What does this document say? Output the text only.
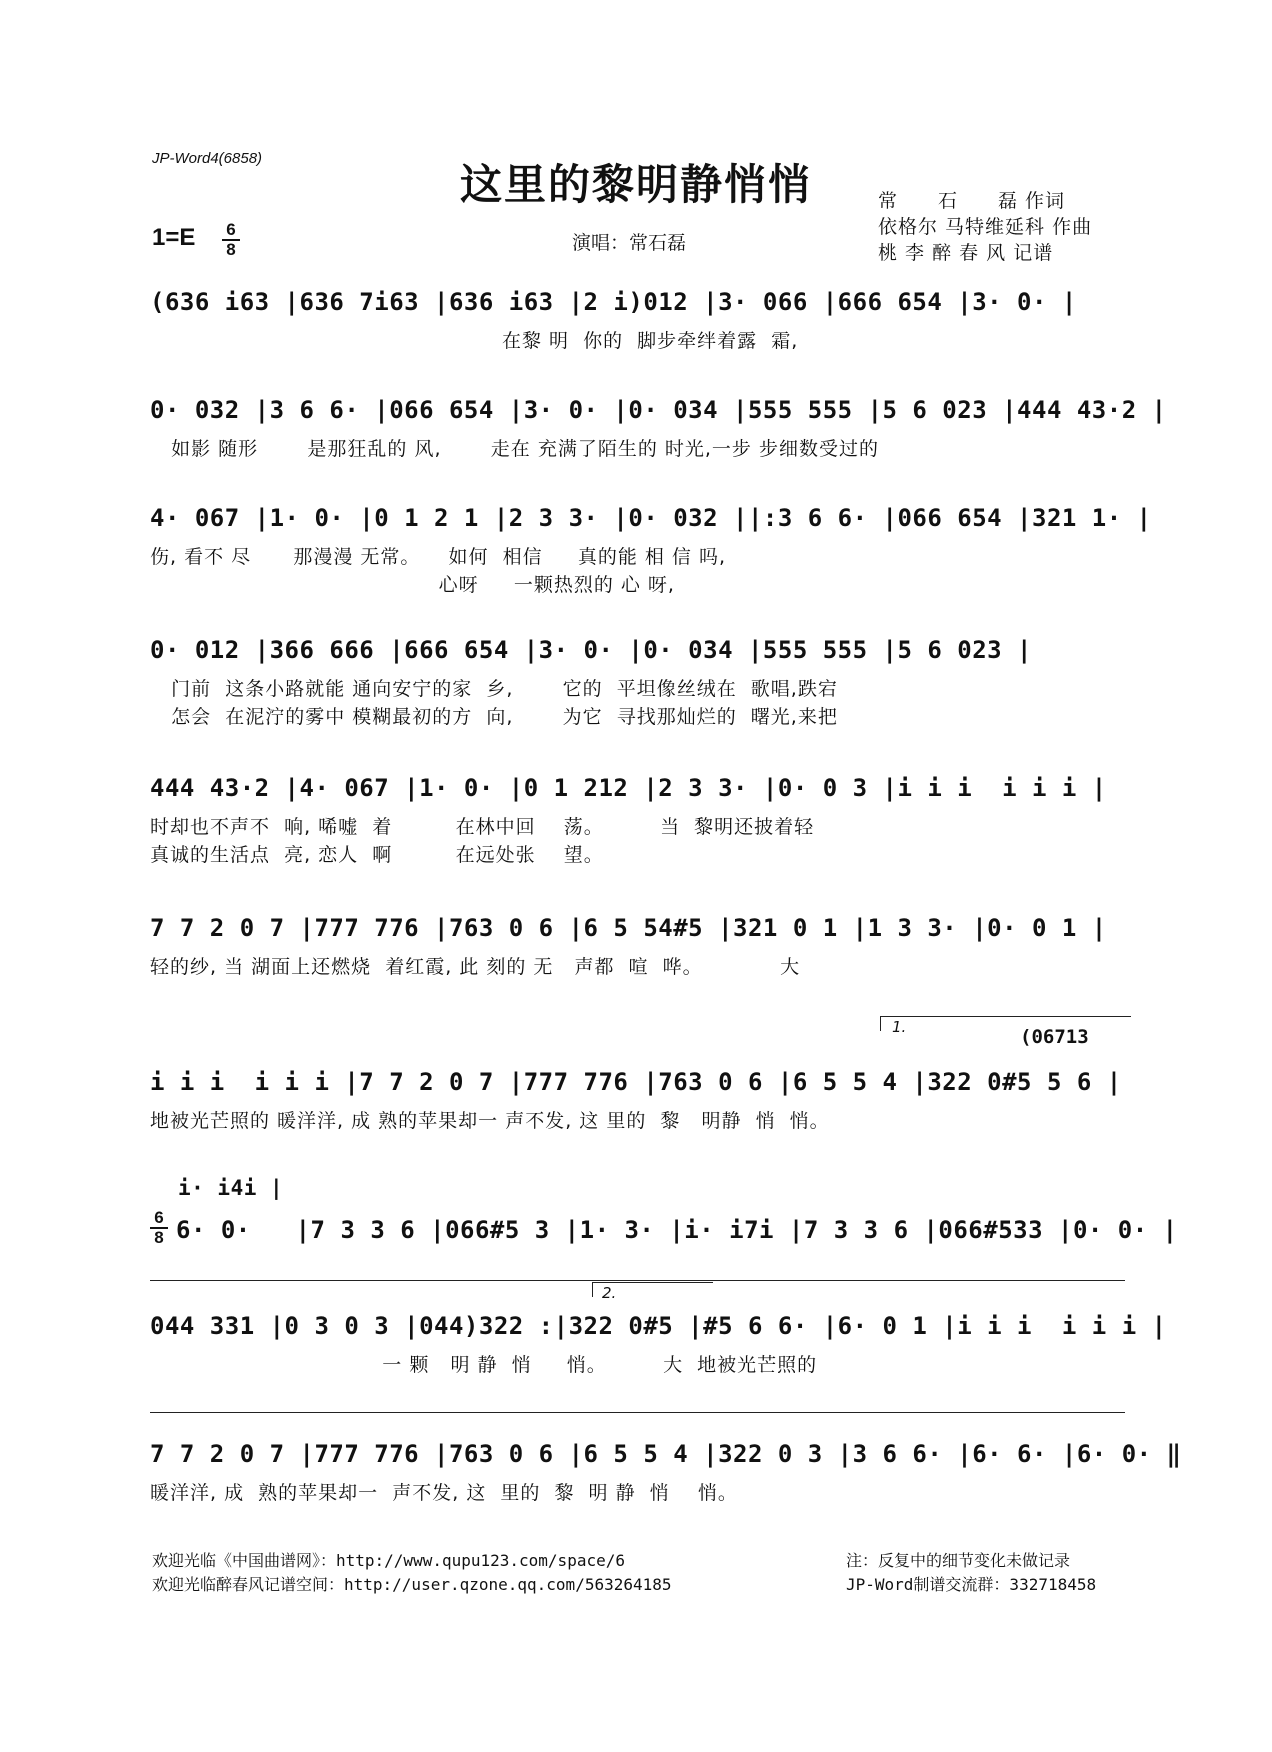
JP-Word4(6858)
这里的黎明静悄悄	常　　石　　磊 作词
依格尔 马特维延科 作曲
桃 李 醉 春 风 记谱
1=E 6
8	演唱：常石磊
(636 i63 |636 7i63 |636 i63 |2 i)012 |3· 066 |666 654 |3· 0· |
在黎 明  你的  脚步牵绊着露  霜,
0· 032 |3 6 6· |066 654 |3· 0· |0· 034 |555 555 |5 6 023 |444 43·2 |
如影 随形       是那狂乱的 风,       走在 充满了陌生的 时光,一步 步细数受过的
4· 067 |1· 0· |0 1 2 1 |2 3 3· |0· 032 ||:3 6 6· |066 654 |321 1· |
伤, 看不 尽      那漫漫 无常。    如何  相信     真的能 相 信 吗,
心呀     一颗热烈的 心 呀,
0· 012 |366 666 |666 654 |3· 0· |0· 034 |555 555 |5 6 023 |
门前  这条小路就能 通向安宁的家  乡,       它的  平坦像丝绒在  歌唱,跌宕
怎会  在泥泞的雾中 模糊最初的方  向,       为它  寻找那灿烂的  曙光,来把
444 43·2 |4· 067 |1· 0· |0 1 212 |2 3 3· |0· 0 3 |i i i  i i i |
时却也不声不  响, 唏嘘  着         在林中回    荡。        当  黎明还披着轻
真诚的生活点  亮, 恋人  啊         在远处张    望。
7 7 2 0 7 |777 776 |763 0 6 |6 5 54#5 |321 0 1 |1 3 3· |0· 0 1 |
轻的纱, 当 湖面上还燃烧  着红霞, 此 刻的 无   声都  喧  哗。           大
1.	(06713
i i i  i i i |7 7 2 0 7 |777 776 |763 0 6 |6 5 5 4 |322 0#5 5 6 |
地被光芒照的 暖洋洋, 成 熟的苹果却一 声不发, 这 里的  黎   明静  悄  悄。
i· i4i |
6
8 6· 0·   |7 3 3 6 |066#5 3 |1· 3· |i· i7i |7 3 3 6 |066#533 |0· 0· |
2.
044 331 |0 3 0 3 |044)322 :|322 0#5 |#5 6 6· |6· 0 1 |i i i  i i i |
一 颗   明 静  悄     悄。        大  地被光芒照的
7 7 2 0 7 |777 776 |763 0 6 |6 5 5 4 |322 0 3 |3 6 6· |6· 6· |6· 0· ‖
暖洋洋, 成  熟的苹果却一  声不发, 这  里的  黎  明 静  悄    悄。
欢迎光临《中国曲谱网》：http://www.qupu123.com/space/6
欢迎光临醉春风记谱空间：http://user.qzone.qq.com/563264185
注：反复中的细节变化未做记录
JP-Word制谱交流群：332718458
